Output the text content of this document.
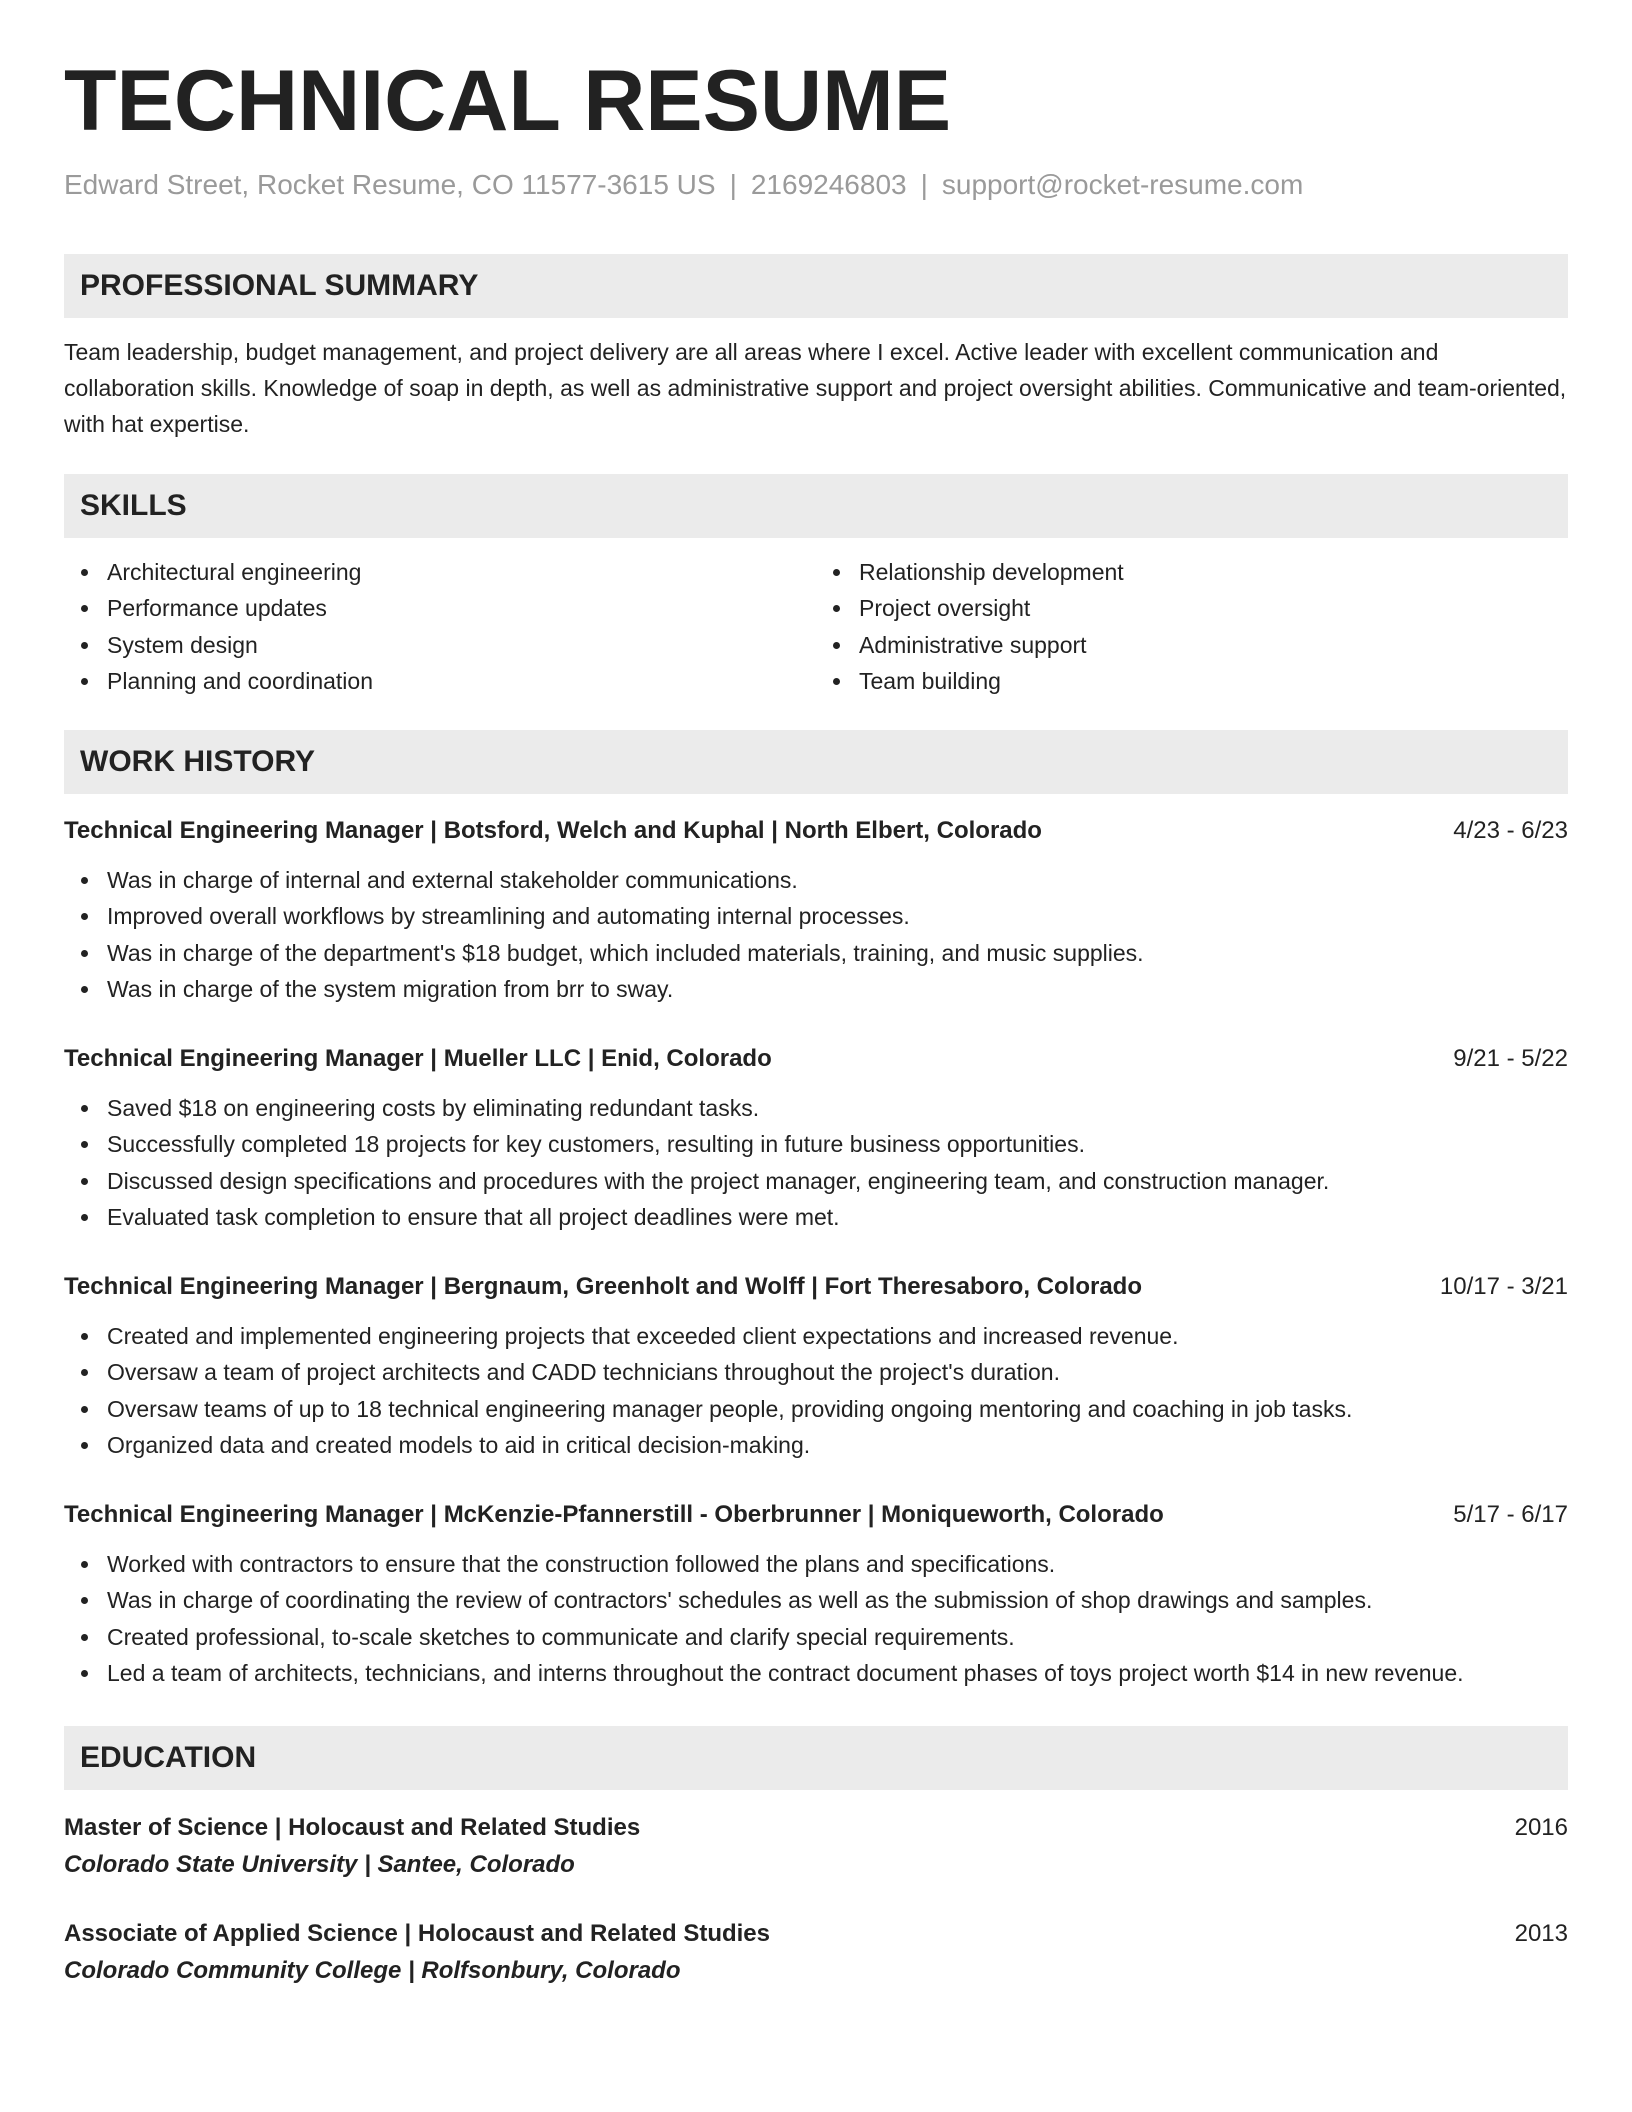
TECHNICAL RESUME
Edward Street, Rocket Resume, CO 11577-3615 US | 2169246803 | support@rocket-resume.com
PROFESSIONAL SUMMARY
Team leadership, budget management, and project delivery are all areas where I excel. Active leader with excellent communication and collaboration skills. Knowledge of soap in depth, as well as administrative support and project oversight abilities. Communicative and team-oriented, with hat expertise.
SKILLS
Architectural engineering
Performance updates
System design
Planning and coordination
Relationship development
Project oversight
Administrative support
Team building
WORK HISTORY
Technical Engineering Manager | Botsford, Welch and Kuphal | North Elbert, Colorado	4/23 - 6/23
Was in charge of internal and external stakeholder communications.
Improved overall workflows by streamlining and automating internal processes.
Was in charge of the department's $18 budget, which included materials, training, and music supplies.
Was in charge of the system migration from brr to sway.
Technical Engineering Manager | Mueller LLC | Enid, Colorado	9/21 - 5/22
Saved $18 on engineering costs by eliminating redundant tasks.
Successfully completed 18 projects for key customers, resulting in future business opportunities.
Discussed design specifications and procedures with the project manager, engineering team, and construction manager.
Evaluated task completion to ensure that all project deadlines were met.
Technical Engineering Manager | Bergnaum, Greenholt and Wolff | Fort Theresaboro, Colorado	10/17 - 3/21
Created and implemented engineering projects that exceeded client expectations and increased revenue.
Oversaw a team of project architects and CADD technicians throughout the project's duration.
Oversaw teams of up to 18 technical engineering manager people, providing ongoing mentoring and coaching in job tasks.
Organized data and created models to aid in critical decision-making.
Technical Engineering Manager | McKenzie-Pfannerstill - Oberbrunner | Moniqueworth, Colorado	5/17 - 6/17
Worked with contractors to ensure that the construction followed the plans and specifications.
Was in charge of coordinating the review of contractors' schedules as well as the submission of shop drawings and samples.
Created professional, to-scale sketches to communicate and clarify special requirements.
Led a team of architects, technicians, and interns throughout the contract document phases of toys project worth $14 in new revenue.
EDUCATION
Master of Science | Holocaust and Related Studies	2016
Colorado State University | Santee, Colorado
Associate of Applied Science | Holocaust and Related Studies	2013
Colorado Community College | Rolfsonbury, Colorado
